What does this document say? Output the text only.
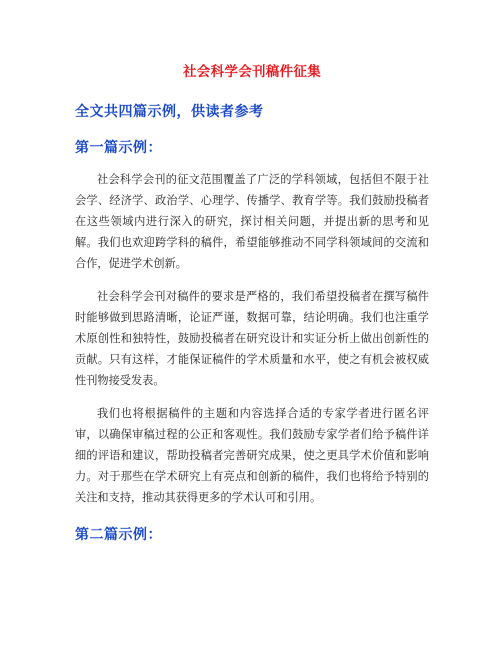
社会科学会刊稿件征集
全文共四篇示例，供读者参考
第一篇示例：

社会科学会刊的征文范围覆盖了广泛的学科领域，包括但不限于社会学、经济学、政治学、心理学、传播学、教育学等。我们鼓励投稿者在这些领域内进行深入的研究，探讨相关问题，并提出新的思考和见解。我们也欢迎跨学科的稿件，希望能够推动不同学科领域间的交流和合作，促进学术创新。

社会科学会刊对稿件的要求是严格的，我们希望投稿者在撰写稿件时能够做到思路清晰，论证严谨，数据可靠，结论明确。我们也注重学术原创性和独特性，鼓励投稿者在研究设计和实证分析上做出创新性的贡献。只有这样，才能保证稿件的学术质量和水平，使之有机会被权威性刊物接受发表。

我们也将根据稿件的主题和内容选择合适的专家学者进行匿名评审，以确保审稿过程的公正和客观性。我们鼓励专家学者们给予稿件详细的评语和建议，帮助投稿者完善研究成果，使之更具学术价值和影响力。对于那些在学术研究上有亮点和创新的稿件，我们也将给予特别的关注和支持，推动其获得更多的学术认可和引用。

第二篇示例：
